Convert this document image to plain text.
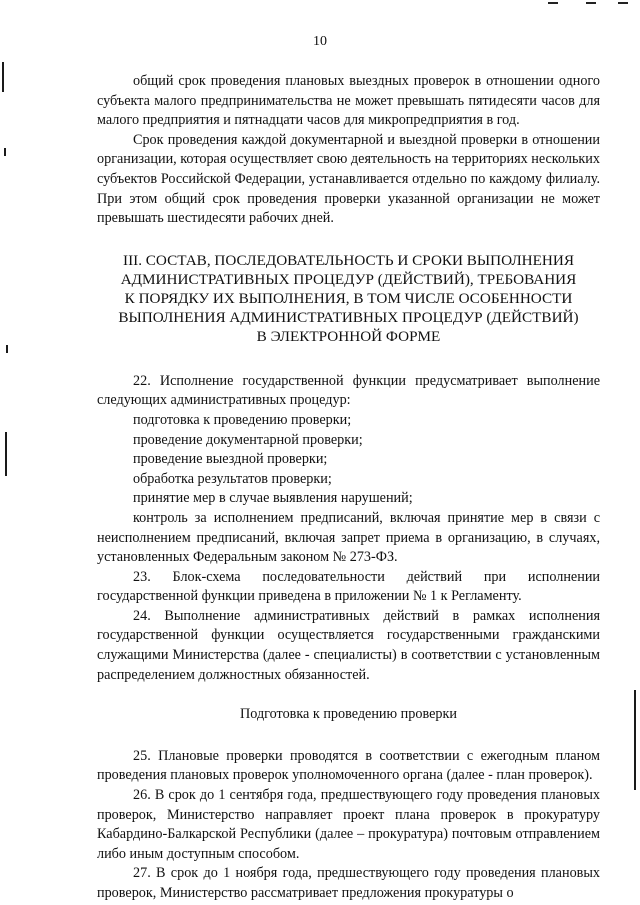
10

общий срок проведения плановых выездных проверок в отношении одного субъекта малого предпринимательства не может превышать пятидесяти часов для малого предприятия и пятнадцати часов для микропредприятия в год.

Срок проведения каждой документарной и выездной проверки в отношении организации, которая осуществляет свою деятельность на территориях нескольких субъектов Российской Федерации, устанавливается отдельно по каждому филиалу. При этом общий срок проведения проверки указанной организации не может превышать шестидесяти рабочих дней.

III. СОСТАВ, ПОСЛЕДОВАТЕЛЬНОСТЬ И СРОКИ ВЫПОЛНЕНИЯ
АДМИНИСТРАТИВНЫХ ПРОЦЕДУР (ДЕЙСТВИЙ), ТРЕБОВАНИЯ
К ПОРЯДКУ ИХ ВЫПОЛНЕНИЯ, В ТОМ ЧИСЛЕ ОСОБЕННОСТИ
ВЫПОЛНЕНИЯ АДМИНИСТРАТИВНЫХ ПРОЦЕДУР (ДЕЙСТВИЙ)
В ЭЛЕКТРОННОЙ ФОРМЕ

22. Исполнение государственной функции предусматривает выполнение следующих административных процедур:

подготовка к проведению проверки;

проведение документарной проверки;

проведение выездной проверки;

обработка результатов проверки;

принятие мер в случае выявления нарушений;

контроль за исполнением предписаний, включая принятие мер в связи с неисполнением предписаний, включая запрет приема в организацию, в случаях, установленных Федеральным законом № 273-ФЗ.

23. Блок-схема последовательности действий при исполнении государственной функции приведена в приложении № 1 к Регламенту.

24. Выполнение административных действий в рамках исполнения государственной функции осуществляется государственными гражданскими служащими Министерства (далее - специалисты) в соответствии с установленным распределением должностных обязанностей.

Подготовка к проведению проверки

25. Плановые проверки проводятся в соответствии с ежегодным планом проведения плановых проверок уполномоченного органа (далее - план проверок).

26. В срок до 1 сентября года, предшествующего году проведения плановых проверок, Министерство направляет проект плана проверок в прокуратуру Кабардино-Балкарской Республики (далее – прокуратура) почтовым отправлением либо иным доступным способом.

27. В срок до 1 ноября года, предшествующего году проведения плановых проверок, Министерство рассматривает предложения прокуратуры о
